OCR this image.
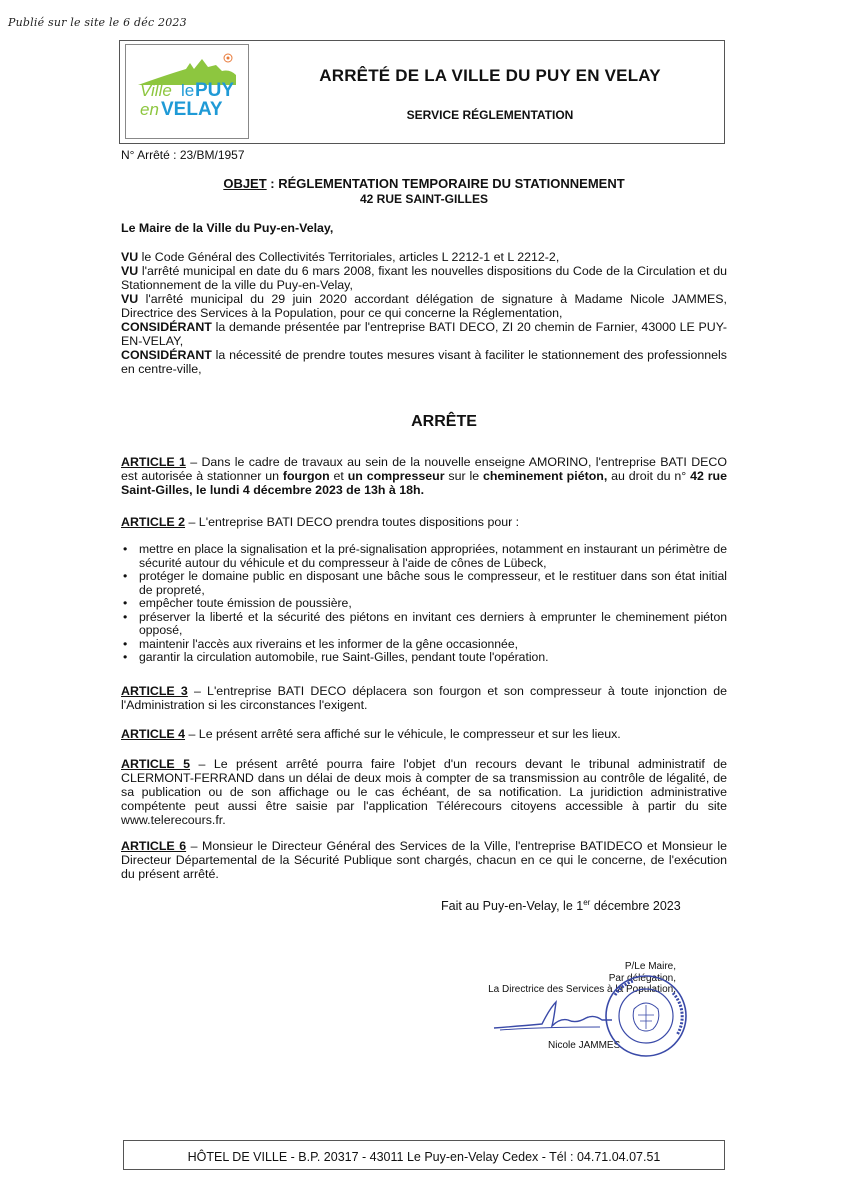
Publié sur le site le 6 déc 2023
Ville le PUY
en VELAY
ARRÊTÉ DE LA VILLE DU PUY EN VELAY
SERVICE RÉGLEMENTATION
N° Arrêté : 23/BM/1957
OBJET : RÉGLEMENTATION TEMPORAIRE DU STATIONNEMENT
42 RUE SAINT-GILLES
Le Maire de la Ville du Puy-en-Velay,
VU le Code Général des Collectivités Territoriales, articles L 2212-1 et L 2212-2,
VU l'arrêté municipal en date du 6 mars 2008, fixant les nouvelles dispositions du Code de la Circulation et du Stationnement de la ville du Puy-en-Velay,
VU l'arrêté municipal du 29 juin 2020 accordant délégation de signature à Madame Nicole JAMMES, Directrice des Services à la Population, pour ce qui concerne la Réglementation,
CONSIDÉRANT la demande présentée par l'entreprise BATI DECO, ZI 20 chemin de Farnier, 43000 LE PUY-EN-VELAY,
CONSIDÉRANT la nécessité de prendre toutes mesures visant à faciliter le stationnement des professionnels en centre-ville,
ARRÊTE
ARTICLE 1 – Dans le cadre de travaux au sein de la nouvelle enseigne AMORINO, l'entreprise BATI DECO est autorisée à stationner un fourgon et un compresseur sur le cheminement piéton, au droit du n° 42 rue Saint-Gilles, le lundi 4 décembre 2023 de 13h à 18h.
ARTICLE 2 – L'entreprise BATI DECO prendra toutes dispositions pour :
• mettre en place la signalisation et la pré-signalisation appropriées, notamment en instaurant un périmètre de sécurité autour du véhicule et du compresseur à l'aide de cônes de Lübeck,
• protéger le domaine public en disposant une bâche sous le compresseur, et le restituer dans son état initial de propreté,
• empêcher toute émission de poussière,
• préserver la liberté et la sécurité des piétons en invitant ces derniers à emprunter le cheminement piéton opposé,
• maintenir l'accès aux riverains et les informer de la gêne occasionnée,
• garantir la circulation automobile, rue Saint-Gilles, pendant toute l'opération.
ARTICLE 3 – L'entreprise BATI DECO déplacera son fourgon et son compresseur à toute injonction de l'Administration si les circonstances l'exigent.
ARTICLE 4 – Le présent arrêté sera affiché sur le véhicule, le compresseur et sur les lieux.
ARTICLE 5 – Le présent arrêté pourra faire l'objet d'un recours devant le tribunal administratif de CLERMONT-FERRAND dans un délai de deux mois à compter de sa transmission au contrôle de légalité, de sa publication ou de son affichage ou le cas échéant, de sa notification. La juridiction administrative compétente peut aussi être saisie par l'application Télérecours citoyens accessible à partir du site www.telerecours.fr.
ARTICLE 6 – Monsieur le Directeur Général des Services de la Ville, l'entreprise BATIDECO et Monsieur le Directeur Départemental de la Sécurité Publique sont chargés, chacun en ce qui le concerne, de l'exécution du présent arrêté.
Fait au Puy-en-Velay, le 1er décembre 2023
P/Le Maire,
Par délégation,
La Directrice des Services à la Population,
Nicole JAMMES
HÔTEL DE VILLE - B.P. 20317 - 43011 Le Puy-en-Velay Cedex - Tél : 04.71.04.07.51
